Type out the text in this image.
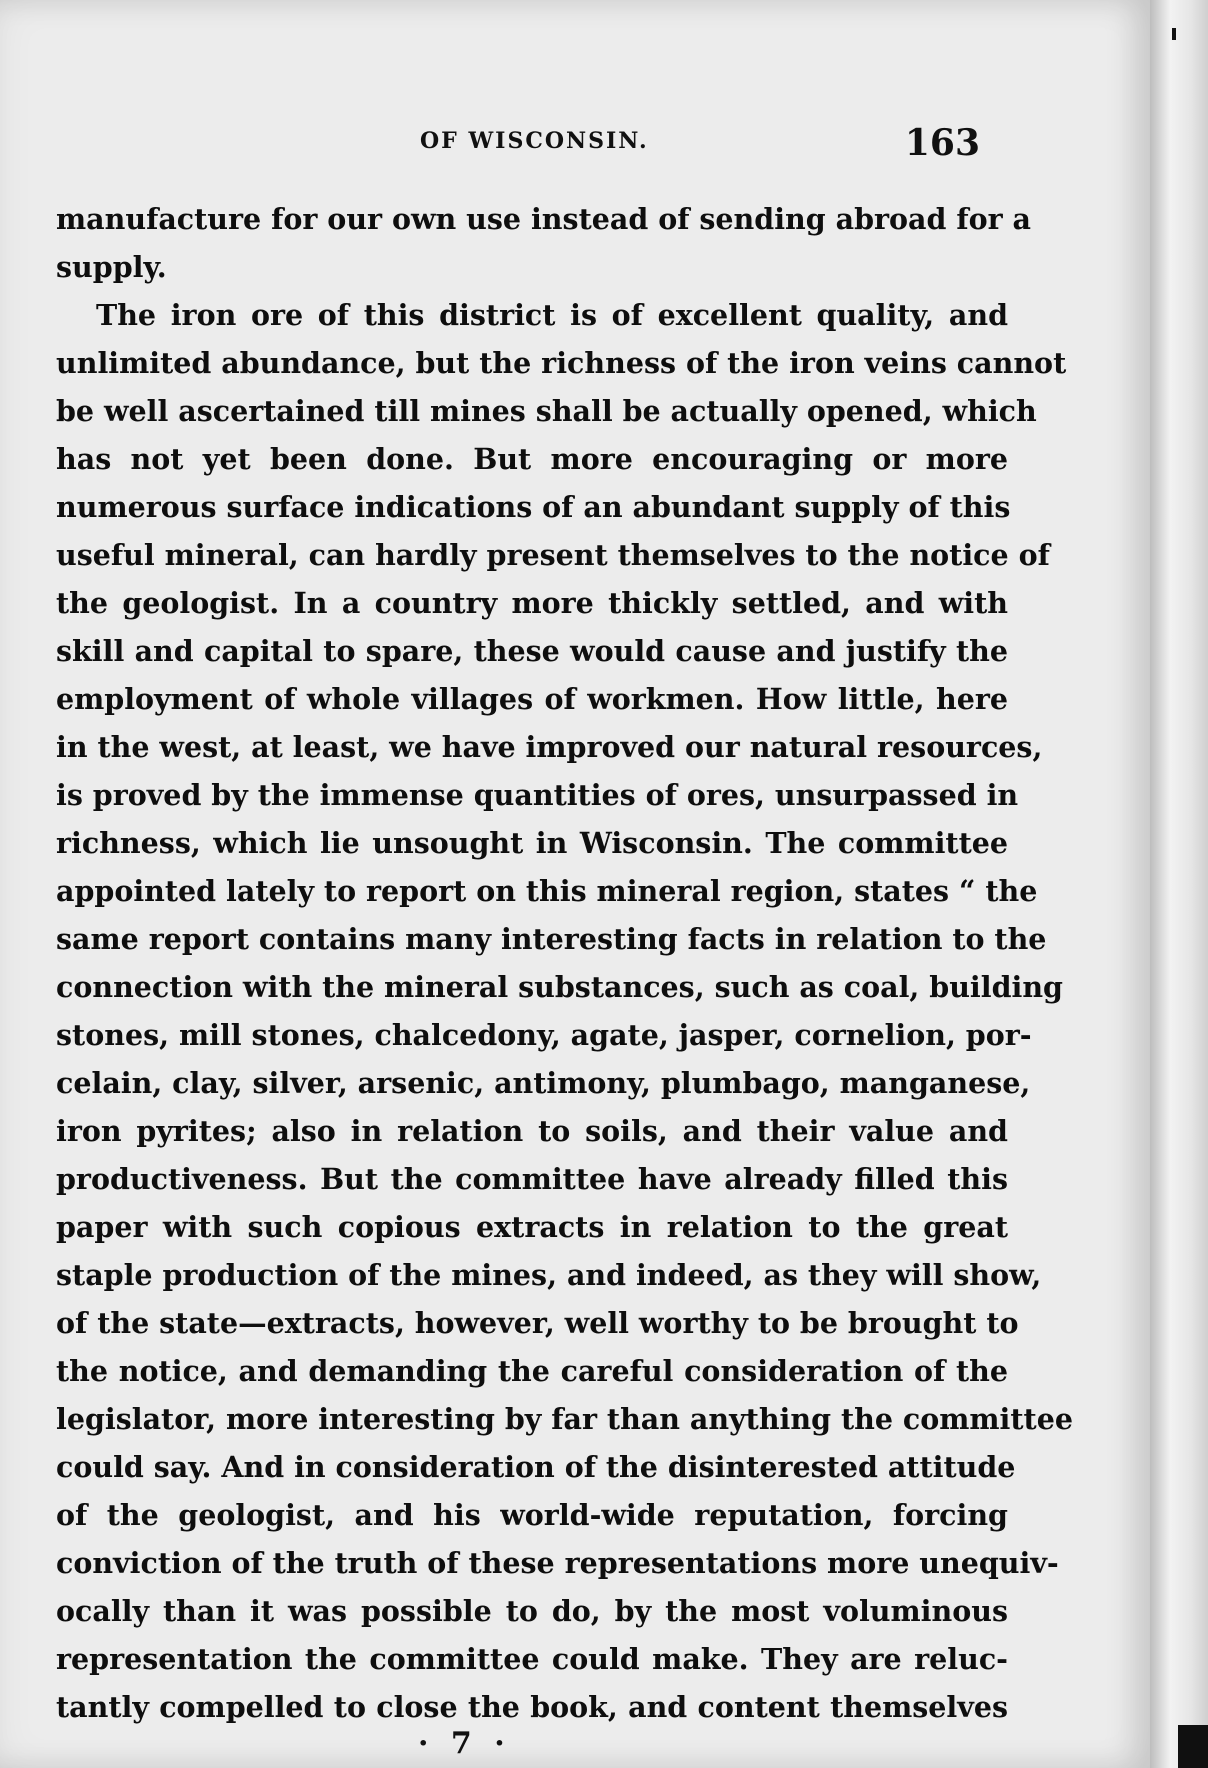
OF WISCONSIN.	163
manufacture for our own use instead of sending abroad for a
supply.
The iron ore of this district is of excellent quality, and
unlimited abundance, but the richness of the iron veins cannot
be well ascertained till mines shall be actually opened, which
has not yet been done. But more encouraging or more
numerous surface indications of an abundant supply of this
useful mineral, can hardly present themselves to the notice of
the geologist. In a country more thickly settled, and with
skill and capital to spare, these would cause and justify the
employment of whole villages of workmen. How little, here
in the west, at least, we have improved our natural resources,
is proved by the immense quantities of ores, unsurpassed in
richness, which lie unsought in Wisconsin. The committee
appointed lately to report on this mineral region, states “ the
same report contains many interesting facts in relation to the
connection with the mineral substances, such as coal, building
stones, mill stones, chalcedony, agate, jasper, cornelion, por-
celain, clay, silver, arsenic, antimony, plumbago, manganese,
iron pyrites; also in relation to soils, and their value and
productiveness. But the committee have already filled this
paper with such copious extracts in relation to the great
staple production of the mines, and indeed, as they will show,
of the state—extracts, however, well worthy to be brought to
the notice, and demanding the careful consideration of the
legislator, more interesting by far than anything the committee
could say. And in consideration of the disinterested attitude
of the geologist, and his world-wide reputation, forcing
conviction of the truth of these representations more unequiv-
ocally than it was possible to do, by the most voluminous
representation the committee could make. They are reluc-
tantly compelled to close the book, and content themselves
· 7 ·
